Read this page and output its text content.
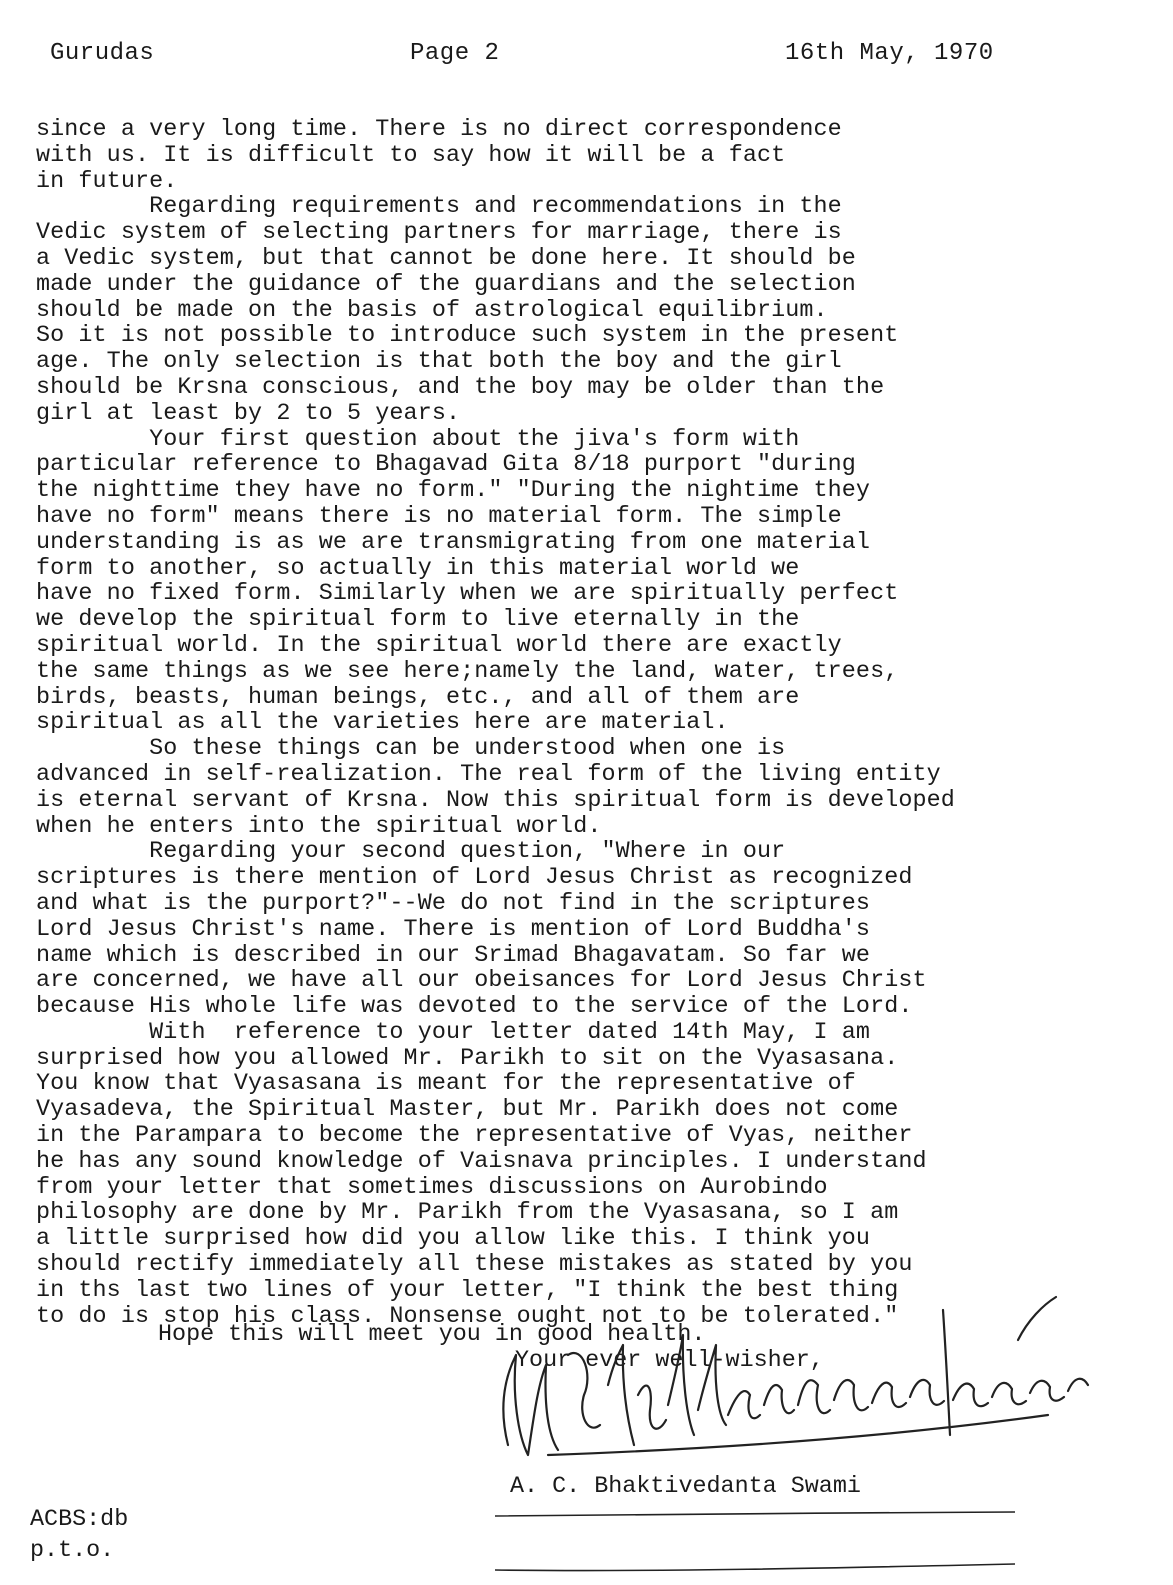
Gurudas	Page 2	16th May, 1970
since a very long time. There is no direct correspondence
with us. It is difficult to say how it will be a fact
in future.
Regarding requirements and recommendations in the
Vedic system of selecting partners for marriage, there is
a Vedic system, but that cannot be done here. It should be
made under the guidance of the guardians and the selection
should be made on the basis of astrological equilibrium.
So it is not possible to introduce such system in the present
age. The only selection is that both the boy and the girl
should be Krsna conscious, and the boy may be older than the
girl at least by 2 to 5 years.
Your first question about the jiva's form with
particular reference to Bhagavad Gita 8/18 purport "during
the nighttime they have no form." "During the nightime they
have no form" means there is no material form. The simple
understanding is as we are transmigrating from one material
form to another, so actually in this material world we
have no fixed form. Similarly when we are spiritually perfect
we develop the spiritual form to live eternally in the
spiritual world. In the spiritual world there are exactly
the same things as we see here;namely the land, water, trees,
birds, beasts, human beings, etc., and all of them are
spiritual as all the varieties here are material.
So these things can be understood when one is
advanced in self-realization. The real form of the living entity
is eternal servant of Krsna. Now this spiritual form is developed
when he enters into the spiritual world.
Regarding your second question, "Where in our
scriptures is there mention of Lord Jesus Christ as recognized
and what is the purport?"--We do not find in the scriptures
Lord Jesus Christ's name. There is mention of Lord Buddha's
name which is described in our Srimad Bhagavatam. So far we
are concerned, we have all our obeisances for Lord Jesus Christ
because His whole life was devoted to the service of the Lord.
With  reference to your letter dated 14th May, I am
surprised how you allowed Mr. Parikh to sit on the Vyasasana.
You know that Vyasasana is meant for the representative of
Vyasadeva, the Spiritual Master, but Mr. Parikh does not come
in the Parampara to become the representative of Vyas, neither
he has any sound knowledge of Vaisnava principles. I understand
from your letter that sometimes discussions on Aurobindo
philosophy are done by Mr. Parikh from the Vyasasana, so I am
a little surprised how did you allow like this. I think you
should rectify immediately all these mistakes as stated by you
in ths last two lines of your letter, "I think the best thing
to do is stop his class. Nonsense ought not to be tolerated."
Hope this will meet you in good health.
Your ever well-wisher,
A. C. Bhaktivedanta Swami
ACBS:db
p.t.o.
